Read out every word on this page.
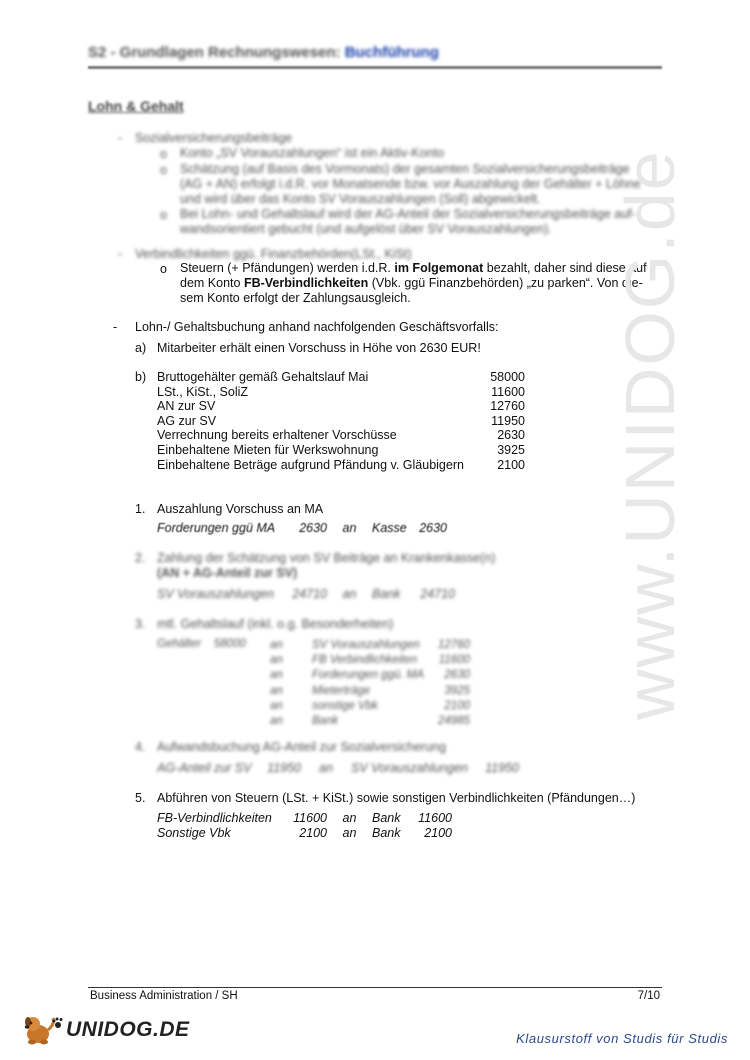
S2 - Grundlagen Rechnungswesen: Buchführung
Lohn & Gehalt
- Sozialversicherungsbeiträge
o Konto „SV Vorauszahlungen“ ist ein Aktiv-Konto
o Schätzung (auf Basis des Vormonats) der gesamten Sozialversicherungsbeiträge
(AG + AN) erfolgt i.d.R. vor Monatsende bzw. vor Auszahlung der Gehälter + Löhne
und wird über das Konto SV Vorauszahlungen (Soll) abgewickelt.
o Bei Lohn- und Gehaltslauf wird der AG-Anteil der Sozialversicherungsbeiträge auf-
wandsorientiert gebucht (und aufgelöst über SV Vorauszahlungen).
- Verbindlichkeiten ggü. Finanzbehörden(LSt., KiSt)
o Steuern (+ Pfändungen) werden i.d.R. im Folgemonat bezahlt, daher sind diese auf
dem Konto FB-Verbindlichkeiten (Vbk. ggü Finanzbehörden) „zu parken“. Von die-
sem Konto erfolgt der Zahlungsausgleich.
- Lohn-/ Gehaltsbuchung anhand nachfolgenden Geschäftsvorfalls:
a) Mitarbeiter erhält einen Vorschuss in Höhe von 2630 EUR!
b) Bruttogehälter gemäß Gehaltslauf Mai	58000
LSt., KiSt., SoliZ	11600
AN zur SV	12760
AG zur SV	11950
Verrechnung bereits erhaltener Vorschüsse	2630
Einbehaltene Mieten für Werkswohnung	3925
Einbehaltene Beträge aufgrund Pfändung v. Gläubigern	2100
1. Auszahlung Vorschuss an MA
Forderungen ggü MA	2630	an	Kasse 2630
2. Zahlung der Schätzung von SV Beiträge an Krankenkasse(n)
(AN + AG-Anteil zur SV)
SV Vorauszahlungen	24710	an	Bank	24710
3. mtl. Gehaltslauf (inkl. o.g. Besonderheiten)
Gehälter 58000 an	SV Vorauszahlungen	12760
an	FB Verbindlichkeiten	11600
an	Forderungen ggü. MA	2630
an	Mieterträge	3925
an	sonstige Vbk	2100
an	Bank	24985
4. Aufwandsbuchung AG-Anteil zur Sozialversicherung
AG-Anteil zur SV	11950	an	SV Vorauszahlungen	11950
5. Abführen von Steuern (LSt. + KiSt.) sowie sonstigen Verbindlichkeiten (Pfändungen…)
FB-Verbindlichkeiten	11600	an	Bank	11600
Sonstige Vbk	2100	an	Bank	2100
www.UNIDOG.de
Business Administration / SH	7/10
UNIDOG.DE	Klausurstoff von Studis für Studis
